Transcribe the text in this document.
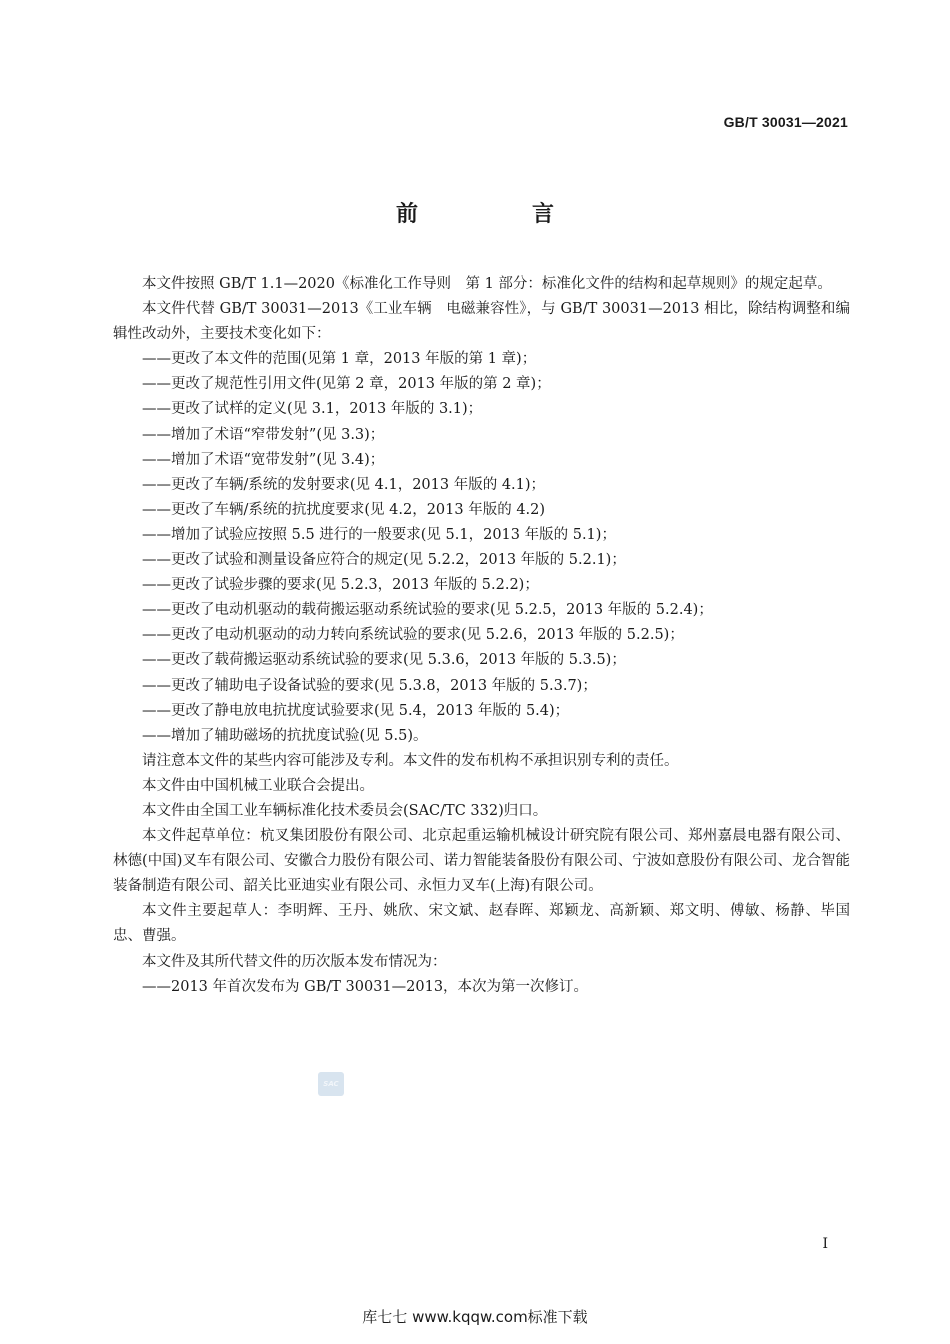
GB/T 30031—2021
前　言

本文件按照 GB/T 1.1—2020《标准化工作导则　第 1 部分：标准化文件的结构和起草规则》的规定起草。

本文件代替 GB/T 30031—2013《工业车辆　电磁兼容性》，与 GB/T 30031—2013 相比，除结构调整和编辑性改动外，主要技术变化如下：

——更改了本文件的范围(见第 1 章，2013 年版的第 1 章)；

——更改了规范性引用文件(见第 2 章，2013 年版的第 2 章)；

——更改了试样的定义(见 3.1，2013 年版的 3.1)；

——增加了术语“窄带发射”(见 3.3)；

——增加了术语“宽带发射”(见 3.4)；

——更改了车辆/系统的发射要求(见 4.1，2013 年版的 4.1)；

——更改了车辆/系统的抗扰度要求(见 4.2，2013 年版的 4.2)

——增加了试验应按照 5.5 进行的一般要求(见 5.1，2013 年版的 5.1)；

——更改了试验和测量设备应符合的规定(见 5.2.2，2013 年版的 5.2.1)；

——更改了试验步骤的要求(见 5.2.3，2013 年版的 5.2.2)；

——更改了电动机驱动的载荷搬运驱动系统试验的要求(见 5.2.5，2013 年版的 5.2.4)；

——更改了电动机驱动的动力转向系统试验的要求(见 5.2.6，2013 年版的 5.2.5)；

——更改了载荷搬运驱动系统试验的要求(见 5.3.6，2013 年版的 5.3.5)；

——更改了辅助电子设备试验的要求(见 5.3.8，2013 年版的 5.3.7)；

——更改了静电放电抗扰度试验要求(见 5.4，2013 年版的 5.4)；

——增加了辅助磁场的抗扰度试验(见 5.5)。

请注意本文件的某些内容可能涉及专利。本文件的发布机构不承担识别专利的责任。

本文件由中国机械工业联合会提出。

本文件由全国工业车辆标准化技术委员会(SAC/TC 332)归口。

本文件起草单位：杭叉集团股份有限公司、北京起重运输机械设计研究院有限公司、郑州嘉晨电器有限公司、林德(中国)叉车有限公司、安徽合力股份有限公司、诺力智能装备股份有限公司、宁波如意股份有限公司、龙合智能装备制造有限公司、韶关比亚迪实业有限公司、永恒力叉车(上海)有限公司。

本文件主要起草人：李明辉、王丹、姚欣、宋文斌、赵春晖、郑颖龙、高新颖、郑文明、傅敏、杨静、毕国忠、曹强。

本文件及其所代替文件的历次版本发布情况为：

——2013 年首次发布为 GB/T 30031—2013，本次为第一次修订。

SAC
I
库七七 www.kqqw.com标准下载
